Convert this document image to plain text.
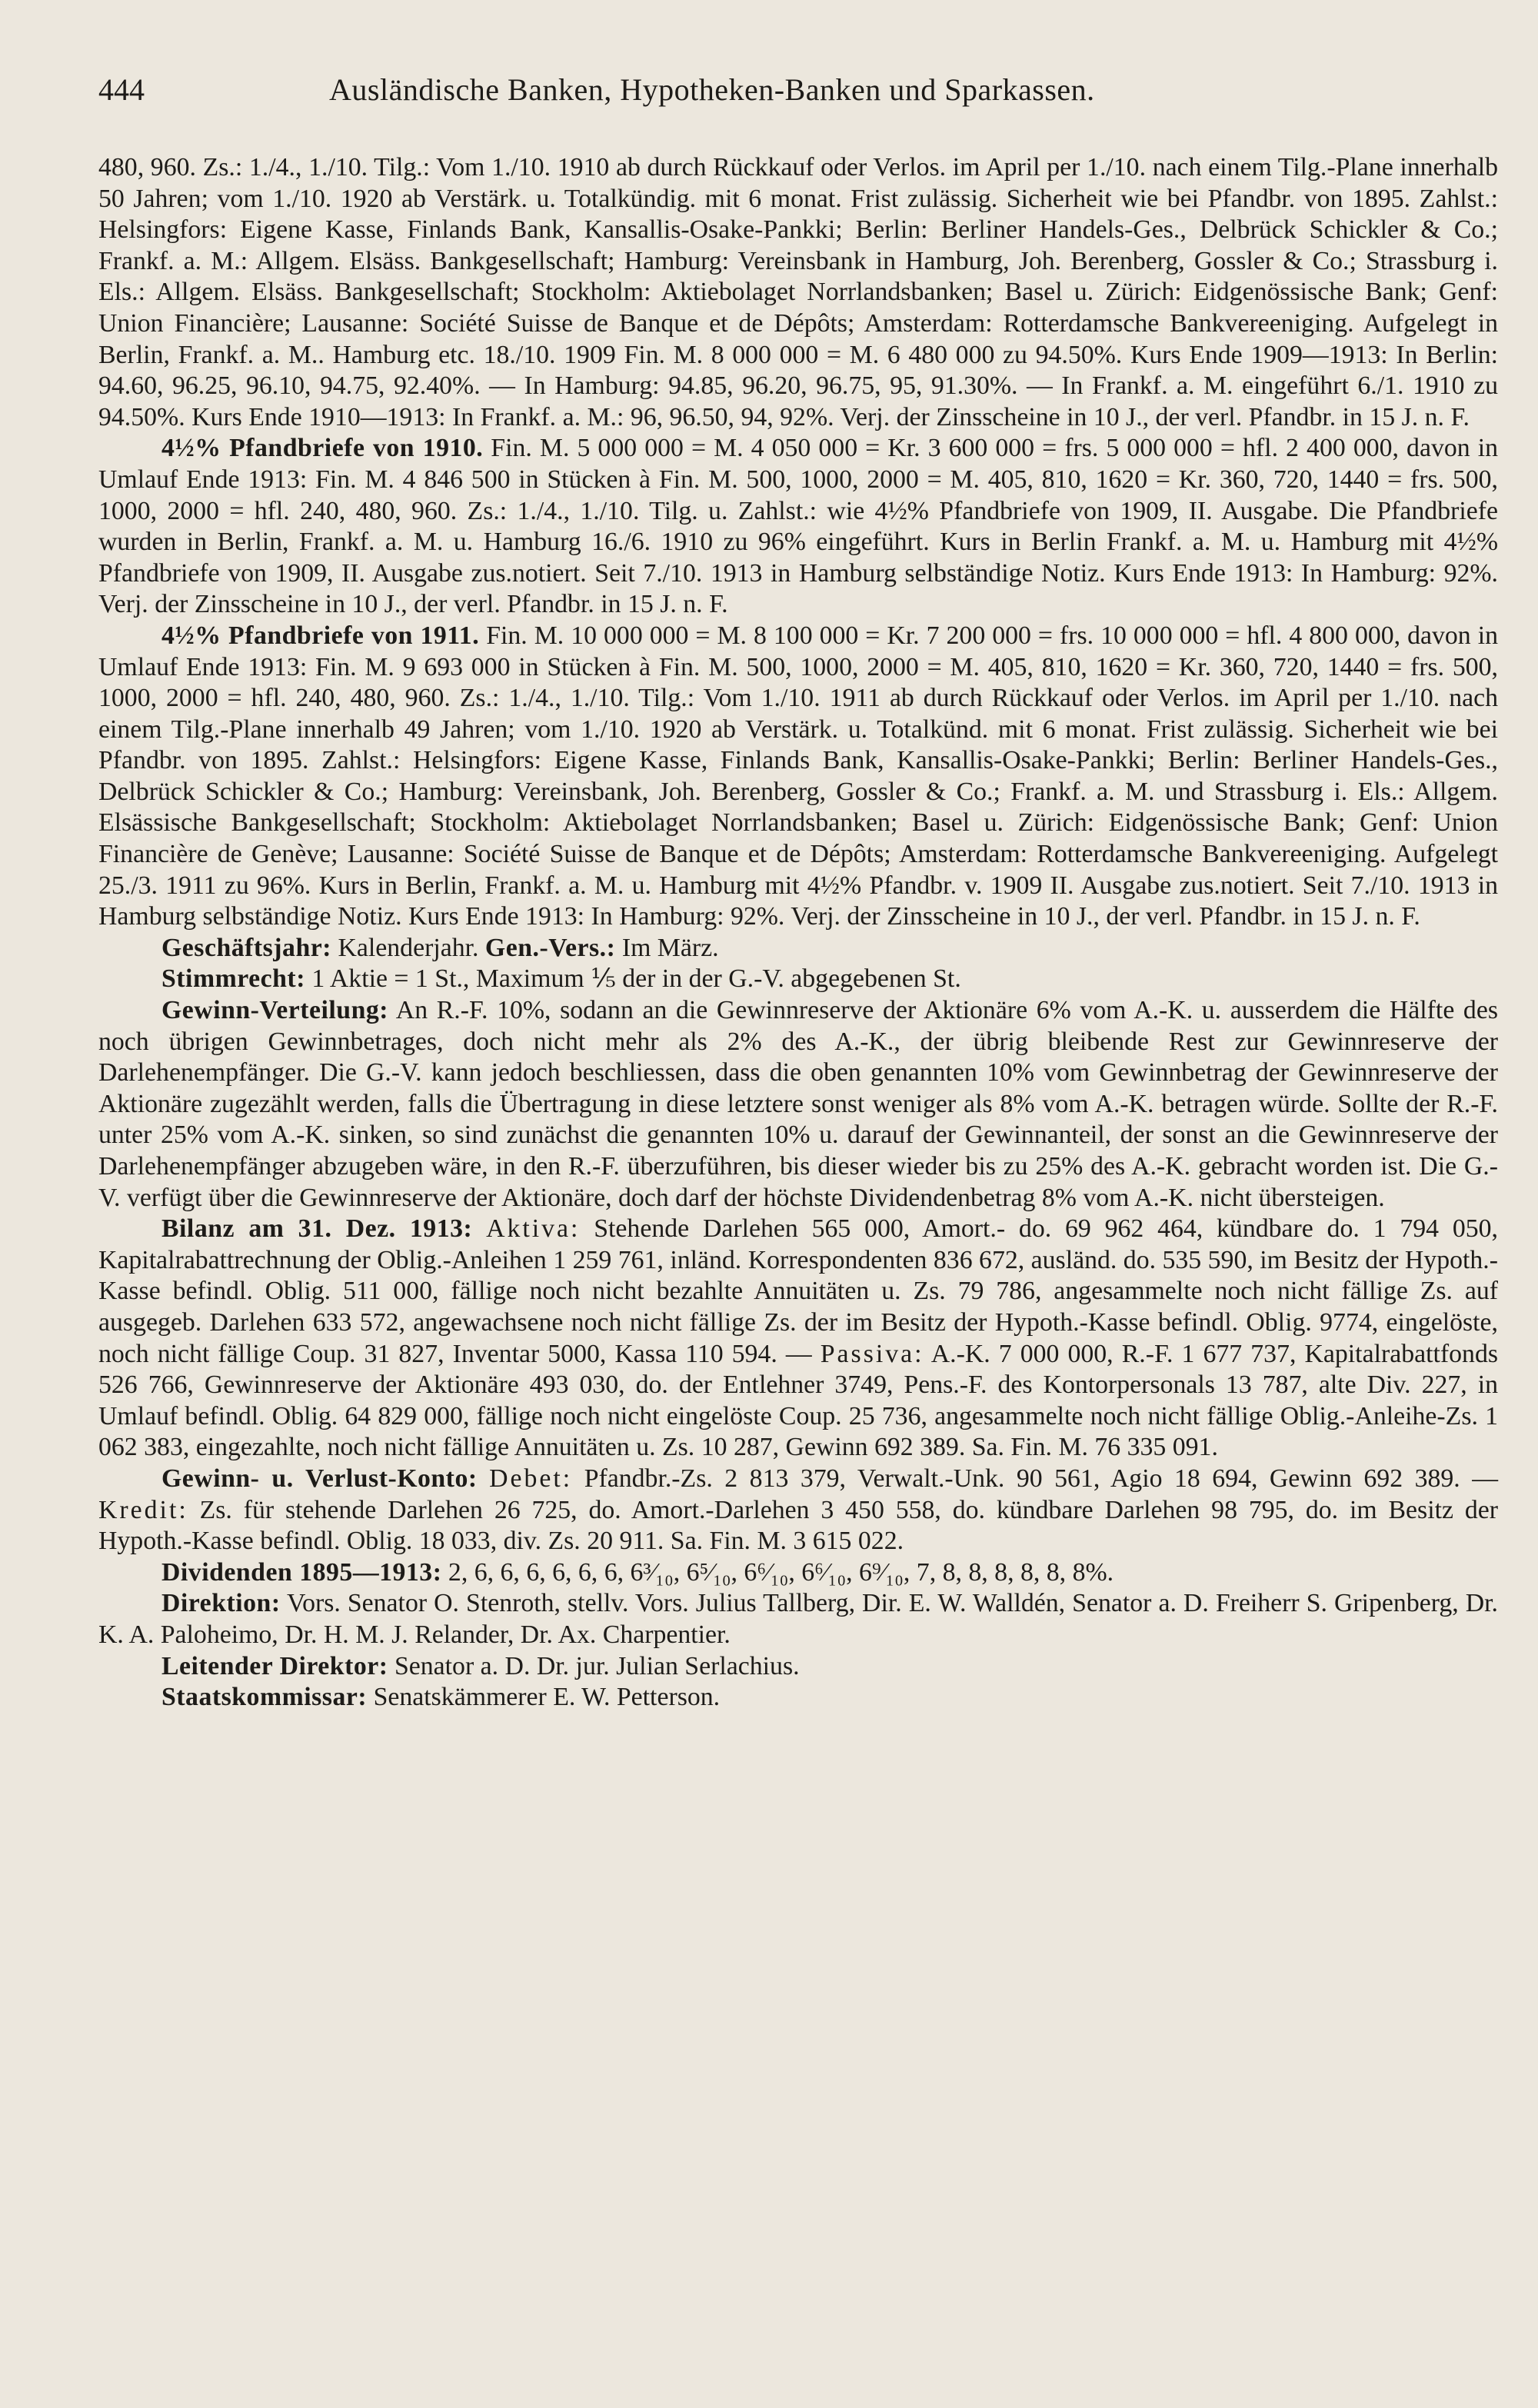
444	Ausländische Banken, Hypotheken-Banken und Sparkassen.

480, 960. Zs.: 1./4., 1./10. Tilg.: Vom 1./10. 1910 ab durch Rückkauf oder Verlos. im April per 1./10. nach einem Tilg.-Plane innerhalb 50 Jahren; vom 1./10. 1920 ab Verstärk. u. Totalkündig. mit 6 monat. Frist zulässig. Sicherheit wie bei Pfandbr. von 1895. Zahlst.: Helsingfors: Eigene Kasse, Finlands Bank, Kansallis-Osake-Pankki; Berlin: Berliner Handels-Ges., Delbrück Schickler & Co.; Frankf. a. M.: Allgem. Elsäss. Bankgesellschaft; Hamburg: Vereinsbank in Hamburg, Joh. Berenberg, Gossler & Co.; Strassburg i. Els.: Allgem. Elsäss. Bankgesellschaft; Stockholm: Aktiebolaget Norrlandsbanken; Basel u. Zürich: Eidgenössische Bank; Genf: Union Financière; Lausanne: Société Suisse de Banque et de Dépôts; Amsterdam: Rotterdamsche Bankvereeniging. Aufgelegt in Berlin, Frankf. a. M.. Hamburg etc. 18./10. 1909 Fin. M. 8 000 000 = M. 6 480 000 zu 94.50%. Kurs Ende 1909—1913: In Berlin: 94.60, 96.25, 96.10, 94.75, 92.40%. — In Hamburg: 94.85, 96.20, 96.75, 95, 91.30%. — In Frankf. a. M. eingeführt 6./1. 1910 zu 94.50%. Kurs Ende 1910—1913: In Frankf. a. M.: 96, 96.50, 94, 92%. Verj. der Zinsscheine in 10 J., der verl. Pfandbr. in 15 J. n. F.

4½% Pfandbriefe von 1910. Fin. M. 5 000 000 = M. 4 050 000 = Kr. 3 600 000 = frs. 5 000 000 = hfl. 2 400 000, davon in Umlauf Ende 1913: Fin. M. 4 846 500 in Stücken à Fin. M. 500, 1000, 2000 = M. 405, 810, 1620 = Kr. 360, 720, 1440 = frs. 500, 1000, 2000 = hfl. 240, 480, 960. Zs.: 1./4., 1./10. Tilg. u. Zahlst.: wie 4½% Pfandbriefe von 1909, II. Ausgabe. Die Pfandbriefe wurden in Berlin, Frankf. a. M. u. Hamburg 16./6. 1910 zu 96% eingeführt. Kurs in Berlin Frankf. a. M. u. Hamburg mit 4½% Pfandbriefe von 1909, II. Ausgabe zus.notiert. Seit 7./10. 1913 in Hamburg selbständige Notiz. Kurs Ende 1913: In Hamburg: 92%. Verj. der Zinsscheine in 10 J., der verl. Pfandbr. in 15 J. n. F.

4½% Pfandbriefe von 1911. Fin. M. 10 000 000 = M. 8 100 000 = Kr. 7 200 000 = frs. 10 000 000 = hfl. 4 800 000, davon in Umlauf Ende 1913: Fin. M. 9 693 000 in Stücken à Fin. M. 500, 1000, 2000 = M. 405, 810, 1620 = Kr. 360, 720, 1440 = frs. 500, 1000, 2000 = hfl. 240, 480, 960. Zs.: 1./4., 1./10. Tilg.: Vom 1./10. 1911 ab durch Rückkauf oder Verlos. im April per 1./10. nach einem Tilg.-Plane innerhalb 49 Jahren; vom 1./10. 1920 ab Verstärk. u. Totalkünd. mit 6 monat. Frist zulässig. Sicherheit wie bei Pfandbr. von 1895. Zahlst.: Helsingfors: Eigene Kasse, Finlands Bank, Kansallis-Osake-Pankki; Berlin: Berliner Handels-Ges., Delbrück Schickler & Co.; Hamburg: Vereinsbank, Joh. Berenberg, Gossler & Co.; Frankf. a. M. und Strassburg i. Els.: Allgem. Elsässische Bankgesellschaft; Stockholm: Aktiebolaget Norrlandsbanken; Basel u. Zürich: Eidgenössische Bank; Genf: Union Financière de Genève; Lausanne: Société Suisse de Banque et de Dépôts; Amsterdam: Rotterdamsche Bankvereeniging. Aufgelegt 25./3. 1911 zu 96%. Kurs in Berlin, Frankf. a. M. u. Hamburg mit 4½% Pfandbr. v. 1909 II. Ausgabe zus.notiert. Seit 7./10. 1913 in Hamburg selbständige Notiz. Kurs Ende 1913: In Hamburg: 92%. Verj. der Zinsscheine in 10 J., der verl. Pfandbr. in 15 J. n. F.

Geschäftsjahr: Kalenderjahr. Gen.-Vers.: Im März.

Stimmrecht: 1 Aktie = 1 St., Maximum ⅕ der in der G.-V. abgegebenen St.

Gewinn-Verteilung: An R.-F. 10%, sodann an die Gewinnreserve der Aktionäre 6% vom A.-K. u. ausserdem die Hälfte des noch übrigen Gewinnbetrages, doch nicht mehr als 2% des A.-K., der übrig bleibende Rest zur Gewinnreserve der Darlehenempfänger. Die G.-V. kann jedoch beschliessen, dass die oben genannten 10% vom Gewinnbetrag der Gewinnreserve der Aktionäre zugezählt werden, falls die Übertragung in diese letztere sonst weniger als 8% vom A.-K. betragen würde. Sollte der R.-F. unter 25% vom A.-K. sinken, so sind zunächst die genannten 10% u. darauf der Gewinnanteil, der sonst an die Gewinnreserve der Darlehenempfänger abzugeben wäre, in den R.-F. überzuführen, bis dieser wieder bis zu 25% des A.-K. gebracht worden ist. Die G.-V. verfügt über die Gewinnreserve der Aktionäre, doch darf der höchste Dividendenbetrag 8% vom A.-K. nicht übersteigen.

Bilanz am 31. Dez. 1913: Aktiva: Stehende Darlehen 565 000, Amort.- do. 69 962 464, kündbare do. 1 794 050, Kapitalrabattrechnung der Oblig.-Anleihen 1 259 761, inländ. Korrespondenten 836 672, ausländ. do. 535 590, im Besitz der Hypoth.-Kasse befindl. Oblig. 511 000, fällige noch nicht bezahlte Annuitäten u. Zs. 79 786, angesammelte noch nicht fällige Zs. auf ausgegeb. Darlehen 633 572, angewachsene noch nicht fällige Zs. der im Besitz der Hypoth.-Kasse befindl. Oblig. 9774, eingelöste, noch nicht fällige Coup. 31 827, Inventar 5000, Kassa 110 594. — Passiva: A.-K. 7 000 000, R.-F. 1 677 737, Kapitalrabattfonds 526 766, Gewinnreserve der Aktionäre 493 030, do. der Entlehner 3749, Pens.-F. des Kontorpersonals 13 787, alte Div. 227, in Umlauf befindl. Oblig. 64 829 000, fällige noch nicht eingelöste Coup. 25 736, angesammelte noch nicht fällige Oblig.-Anleihe-Zs. 1 062 383, eingezahlte, noch nicht fällige Annuitäten u. Zs. 10 287, Gewinn 692 389. Sa. Fin. M. 76 335 091.

Gewinn- u. Verlust-Konto: Debet: Pfandbr.-Zs. 2 813 379, Verwalt.-Unk. 90 561, Agio 18 694, Gewinn 692 389. — Kredit: Zs. für stehende Darlehen 26 725, do. Amort.-Darlehen 3 450 558, do. kündbare Darlehen 98 795, do. im Besitz der Hypoth.-Kasse befindl. Oblig. 18 033, div. Zs. 20 911. Sa. Fin. M. 3 615 022.

Dividenden 1895—1913: 2, 6, 6, 6, 6, 6, 6, 6³⁄₁₀, 6⁵⁄₁₀, 6⁶⁄₁₀, 6⁶⁄₁₀, 6⁹⁄₁₀, 7, 8, 8, 8, 8, 8, 8%.

Direktion: Vors. Senator O. Stenroth, stellv. Vors. Julius Tallberg, Dir. E. W. Walldén, Senator a. D. Freiherr S. Gripenberg, Dr. K. A. Paloheimo, Dr. H. M. J. Relander, Dr. Ax. Charpentier.

Leitender Direktor: Senator a. D. Dr. jur. Julian Serlachius.

Staatskommissar: Senatskämmerer E. W. Petterson.
